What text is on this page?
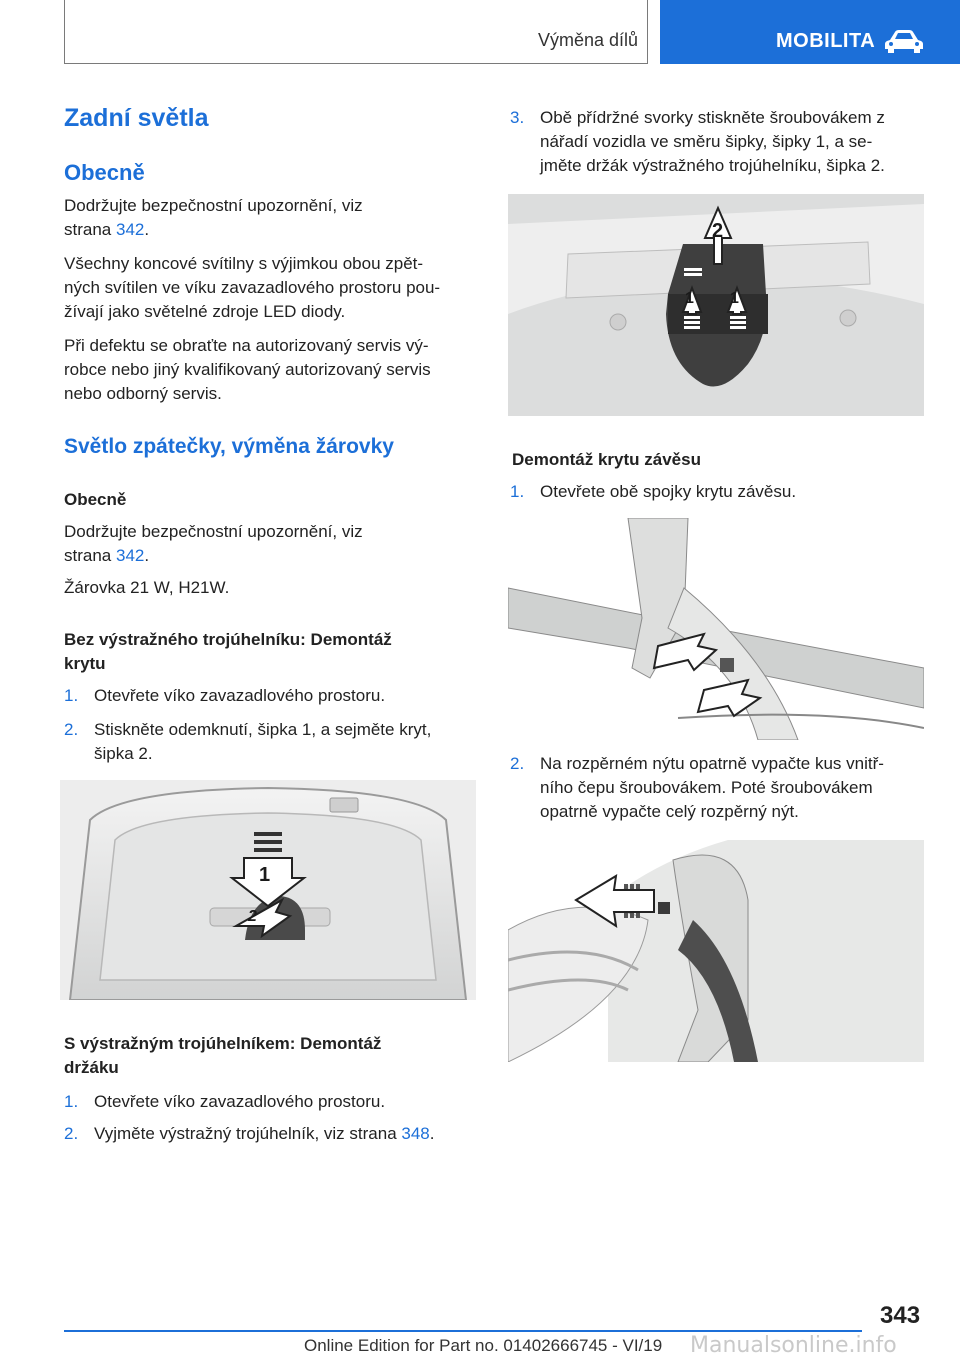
Výměna dílů	MOBILITA
Zadní světla
Obecně
Dodržujte bezpečnostní upozornění, viz
strana 342.
Všechny koncové svítilny s výjimkou obou zpět‐
ných svítilen ve víku zavazadlového prostoru pou‐
žívají jako světelné zdroje LED diody.
Při defektu se obraťte na autorizovaný servis vý‐
robce nebo jiný kvalifikovaný autorizovaný servis
nebo odborný servis.
Světlo zpátečky, výměna žárovky
Obecně
Dodržujte bezpečnostní upozornění, viz
strana 342.
Žárovka 21 W, H21W.
Bez výstražného trojúhelníku: Demontáž
krytu
1. Otevřete víko zavazadlového prostoru.
2. Stiskněte odemknutí, šipka 1, a sejměte kryt,
šipka 2.
1
2
S výstražným trojúhelníkem: Demontáž
držáku
1. Otevřete víko zavazadlového prostoru.
2. Vyjměte výstražný trojúhelník, viz strana 348.
3. Obě přídržné svorky stiskněte šroubovákem z
nářadí vozidla ve směru šipky, šipky 1, a se‐
jměte držák výstražného trojúhelníku, šipka 2.
2
1 1
Demontáž krytu závěsu
1. Otevřete obě spojky krytu závěsu.
2. Na rozpěrném nýtu opatrně vypačte kus vnitř‐
ního čepu šroubovákem. Poté šroubovákem
opatrně vypačte celý rozpěrný nýt.
343
Online Edition for Part no. 01402666745 - VI/19 Manualsonline.info
